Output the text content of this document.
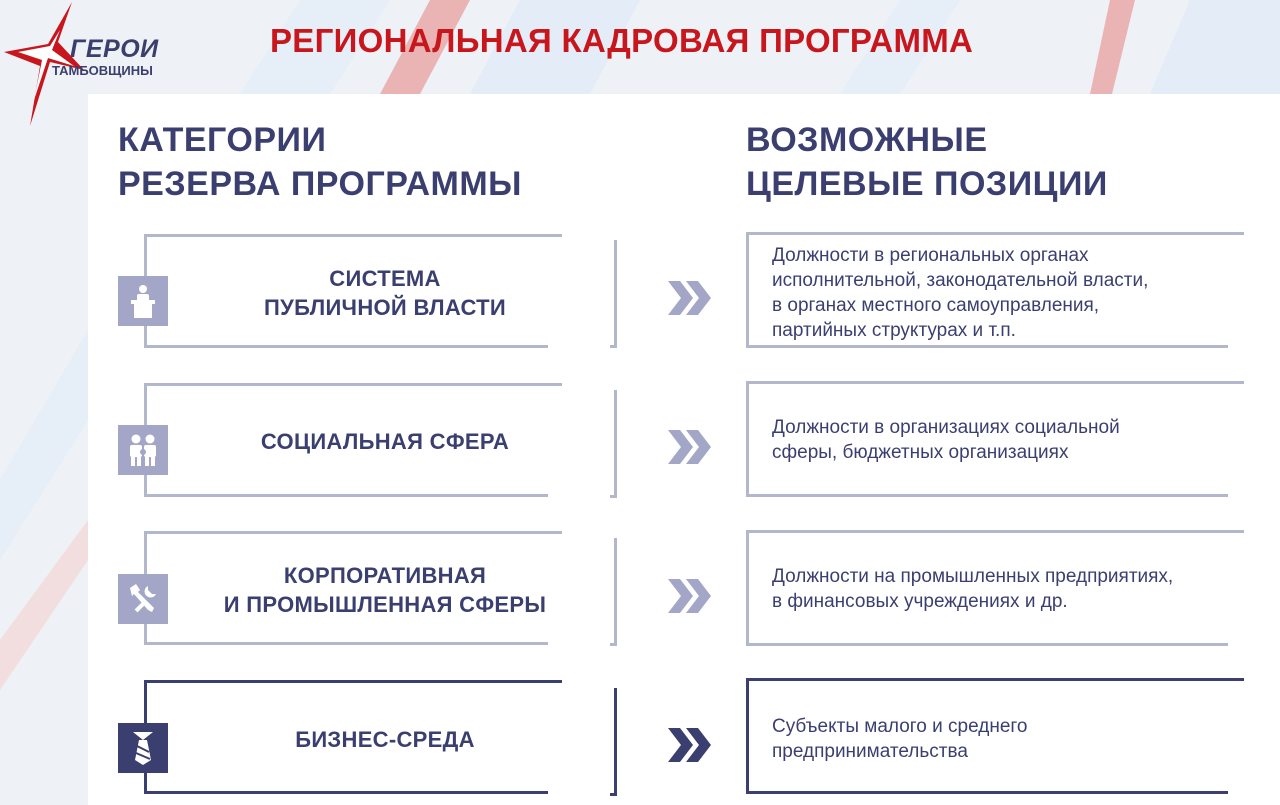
ГЕРОИ
ТАМБОВЩИНЫ
РЕГИОНАЛЬНАЯ КАДРОВАЯ ПРОГРАММА
КАТЕГОРИИ
РЕЗЕРВА ПРОГРАММЫ
ВОЗМОЖНЫЕ
ЦЕЛЕВЫЕ ПОЗИЦИИ
СИСТЕМА
ПУБЛИЧНОЙ ВЛАСТИ
Должности в региональных органах
исполнительной, законодательной власти,
в органах местного самоуправления,
партийных структурах и т.п.
СОЦИАЛЬНАЯ СФЕРА
Должности в организациях социальной
сферы, бюджетных организациях
КОРПОРАТИВНАЯ
И ПРОМЫШЛЕННАЯ СФЕРЫ
Должности на промышленных предприятиях,
в финансовых учреждениях и др.
БИЗНЕС-СРЕДА
Субъекты малого и среднего
предпринимательства
